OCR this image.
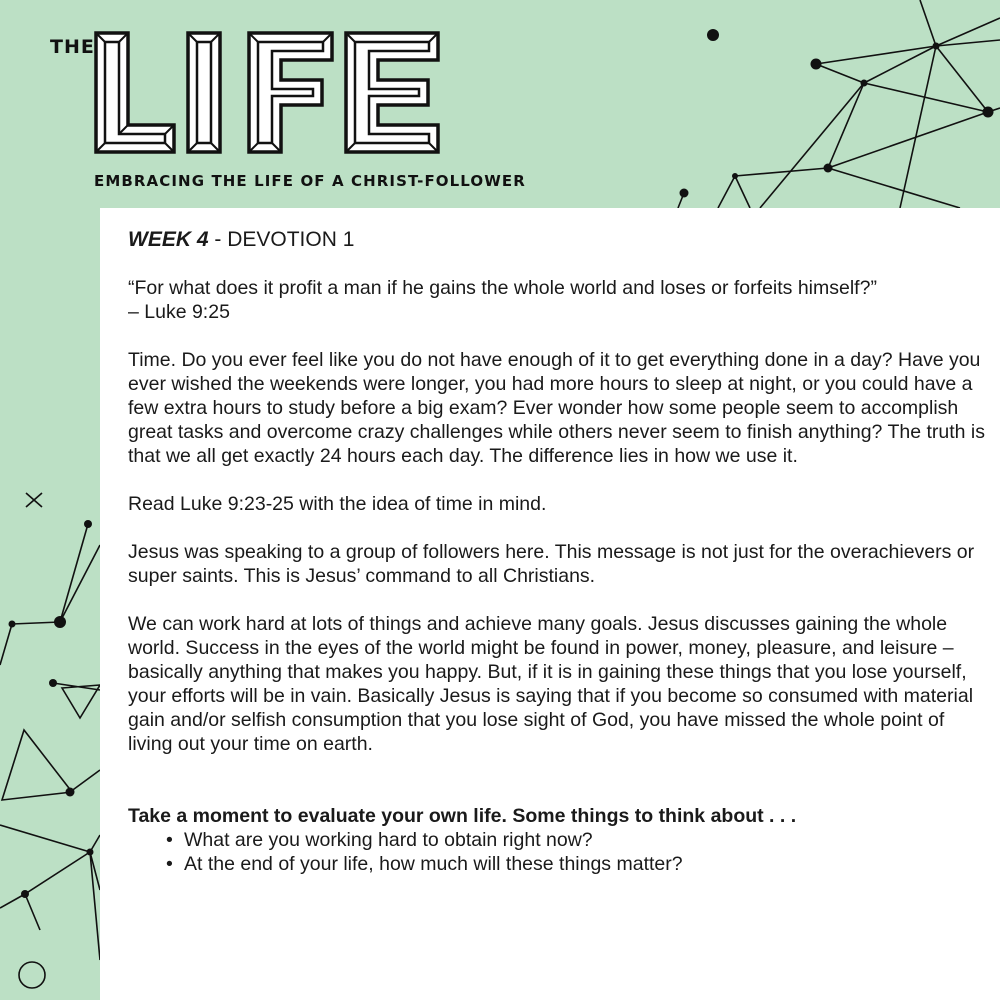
THE
EMBRACING THE LIFE OF A CHRIST-FOLLOWER

WEEK 4 - DEVOTION 1

“For what does it profit a man if he gains the whole world and loses or forfeits himself?”

– Luke 9:25

Time. Do you ever feel like you do not have enough of it to get everything done in a day? Have you ever wished the weekends were longer, you had more hours to sleep at night, or you could have a few extra hours to study before a big exam? Ever wonder how some people seem to accomplish great tasks and overcome crazy challenges while others never seem to finish anything? The truth is that we all get exactly 24 hours each day. The difference lies in how we use it.

Read Luke 9:23-25 with the idea of time in mind.

Jesus was speaking to a group of followers here. This message is not just for the overachievers or super saints. This is Jesus’ command to all Christians.

We can work hard at lots of things and achieve many goals. Jesus discusses gaining the whole world. Success in the eyes of the world might be found in power, money, pleasure, and leisure – basically anything that makes you happy. But, if it is in gaining these things that you lose yourself, your efforts will be in vain. Basically Jesus is saying that if you become so consumed with material gain and/or selfish consumption that you lose sight of God, you have missed the whole point of living out your time on earth.

Take a moment to evaluate your own life. Some things to think about . . .

• What are you working hard to obtain right now?
• At the end of your life, how much will these things matter?
